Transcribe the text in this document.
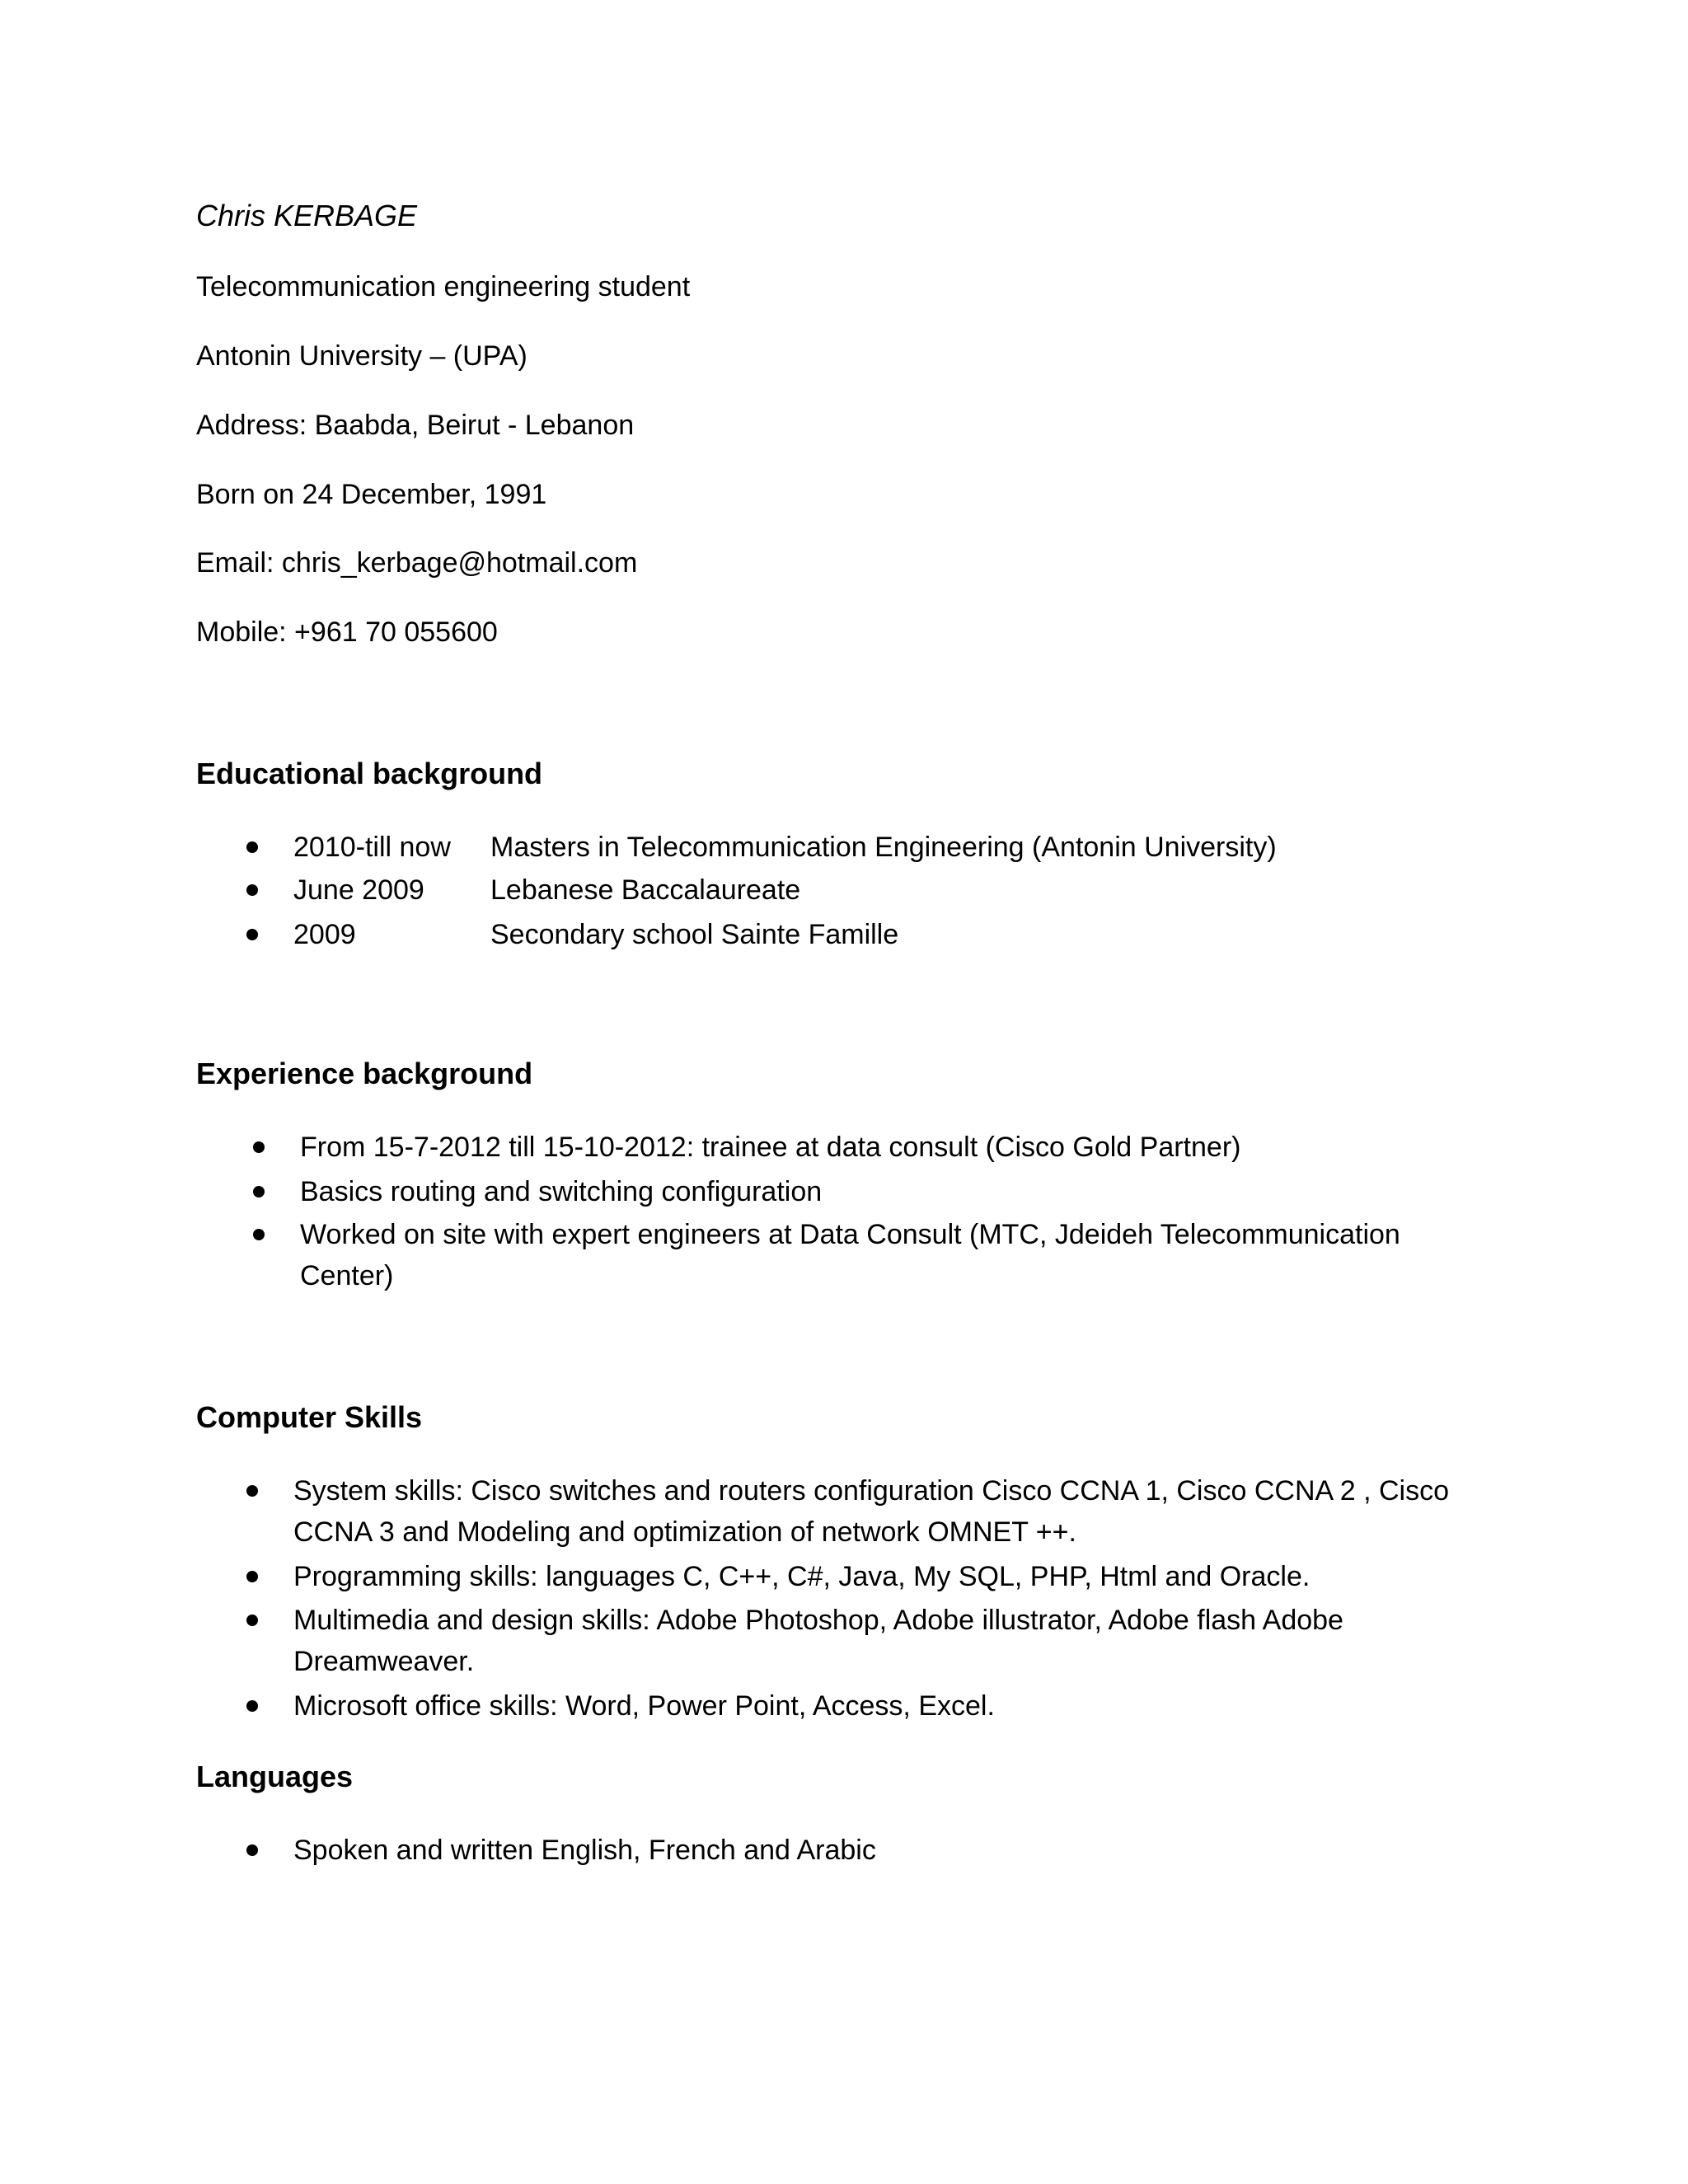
Chris KERBAGE
Telecommunication engineering student
Antonin University – (UPA)
Address: Baabda, Beirut - Lebanon
Born on 24 December, 1991
Email: chris_kerbage@hotmail.com
Mobile: +961 70 055600
Educational background
2010-till now Masters in Telecommunication Engineering (Antonin University)
June 2009 Lebanese Baccalaureate
2009	Secondary school Sainte Famille
Experience background
From 15-7-2012 till 15-10-2012: trainee at data consult (Cisco Gold Partner)
Basics routing and switching configuration
Worked on site with expert engineers at Data Consult (MTC, Jdeideh Telecommunication Center)
Computer Skills
System skills: Cisco switches and routers configuration Cisco CCNA 1, Cisco CCNA 2 , Cisco CCNA 3 and Modeling and optimization of network OMNET ++.
Programming skills: languages C, C++, C#, Java, My SQL, PHP, Html and Oracle.
Multimedia and design skills: Adobe Photoshop, Adobe illustrator, Adobe flash Adobe Dreamweaver.
Microsoft office skills: Word, Power Point, Access, Excel.
Languages
Spoken and written English, French and Arabic
